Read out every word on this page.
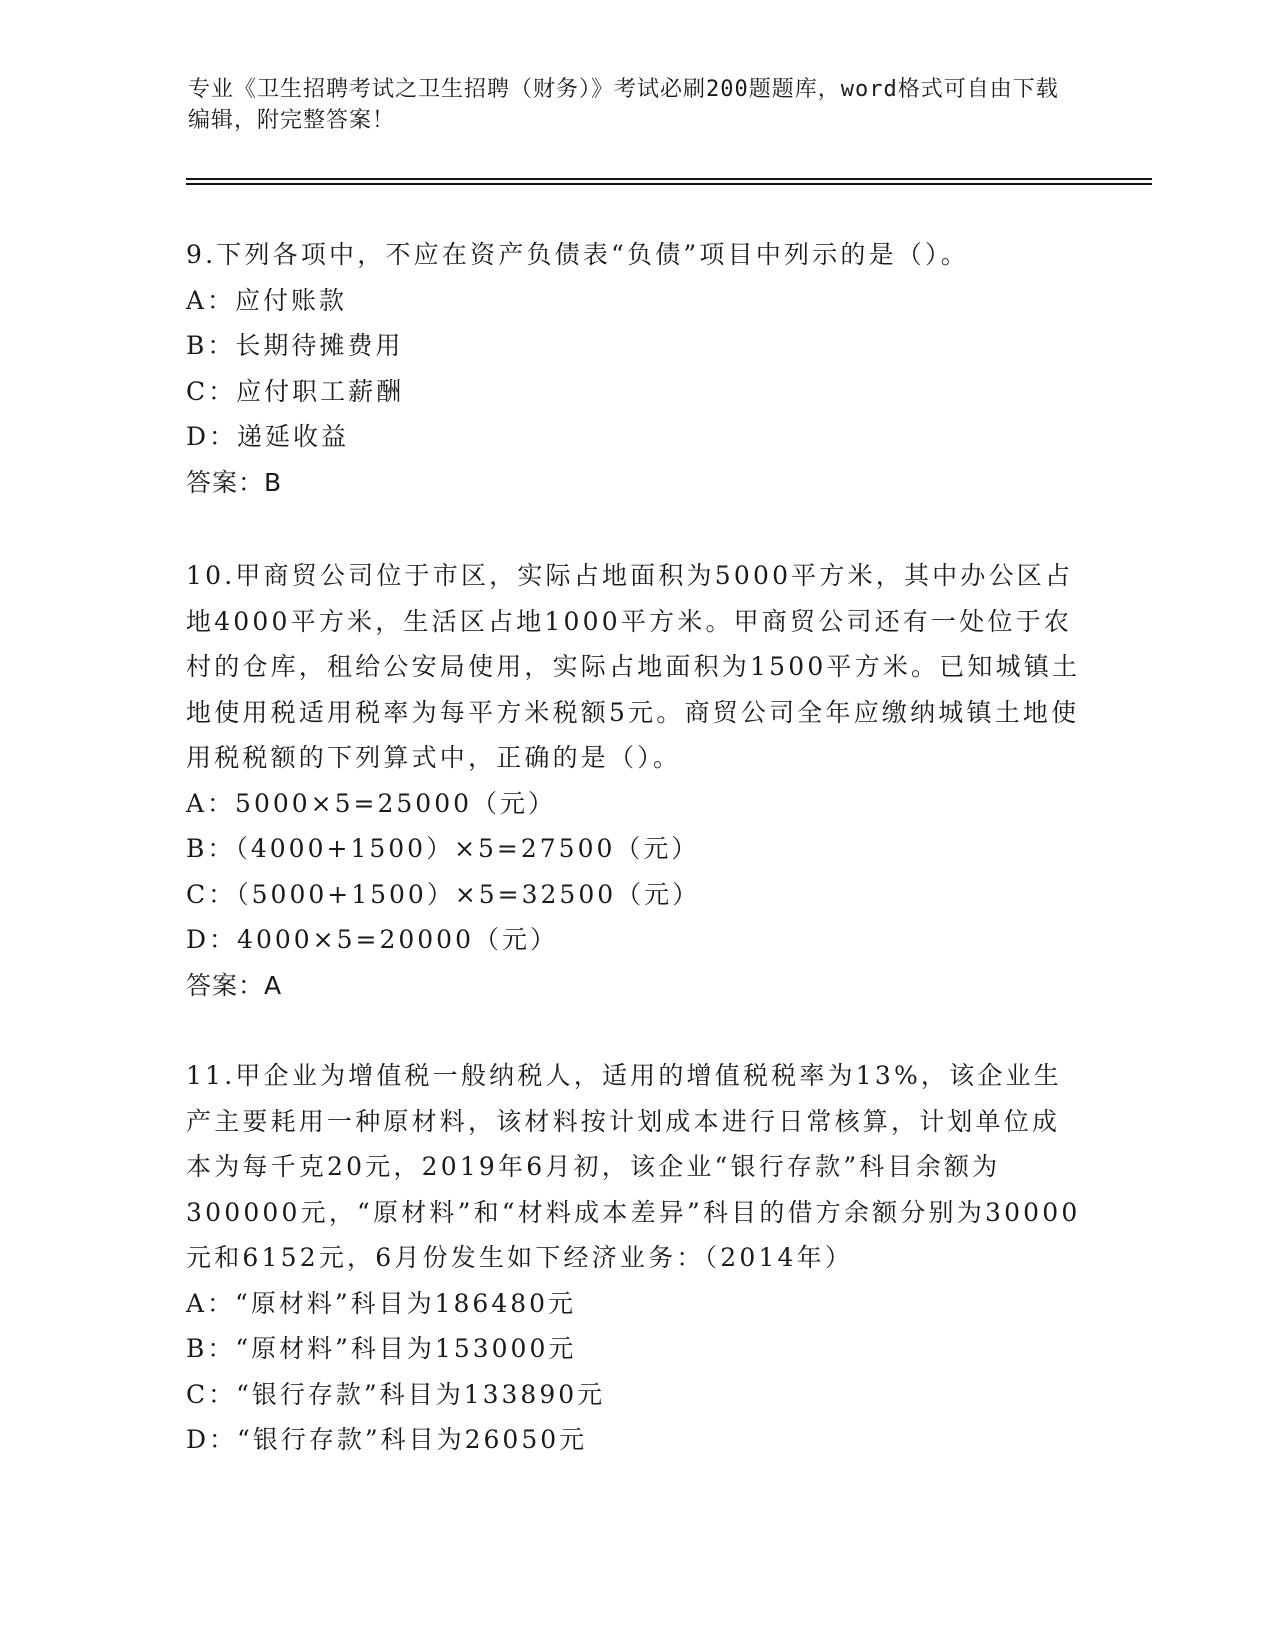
专业《卫生招聘考试之卫生招聘（财务）》考试必刷200题题库，word格式可自由下载编辑，附完整答案！

9.下列各项中，不应在资产负债表“负债”项目中列示的是（）。

A：应付账款

B：长期待摊费用

C：应付职工薪酬

D：递延收益

答案：B

10.甲商贸公司位于市区，实际占地面积为5000平方米，其中办公区占地4000平方米，生活区占地1000平方米。甲商贸公司还有一处位于农村的仓库，租给公安局使用，实际占地面积为1500平方米。已知城镇土地使用税适用税率为每平方米税额5元。商贸公司全年应缴纳城镇土地使用税税额的下列算式中，正确的是（）。

A：5000×5=25000（元）

B：（4000+1500）×5=27500（元）

C：（5000+1500）×5=32500（元）

D：4000×5=20000（元）

答案：A

11.甲企业为增值税一般纳税人，适用的增值税税率为13%，该企业生产主要耗用一种原材料，该材料按计划成本进行日常核算，计划单位成本为每千克20元，2019年6月初，该企业“银行存款”科目余额为300000元，“原材料”和“材料成本差异”科目的借方余额分别为30000元和6152元，6月份发生如下经济业务：（2014年）

A：“原材料”科目为186480元

B：“原材料”科目为153000元

C：“银行存款”科目为133890元

D：“银行存款”科目为26050元
